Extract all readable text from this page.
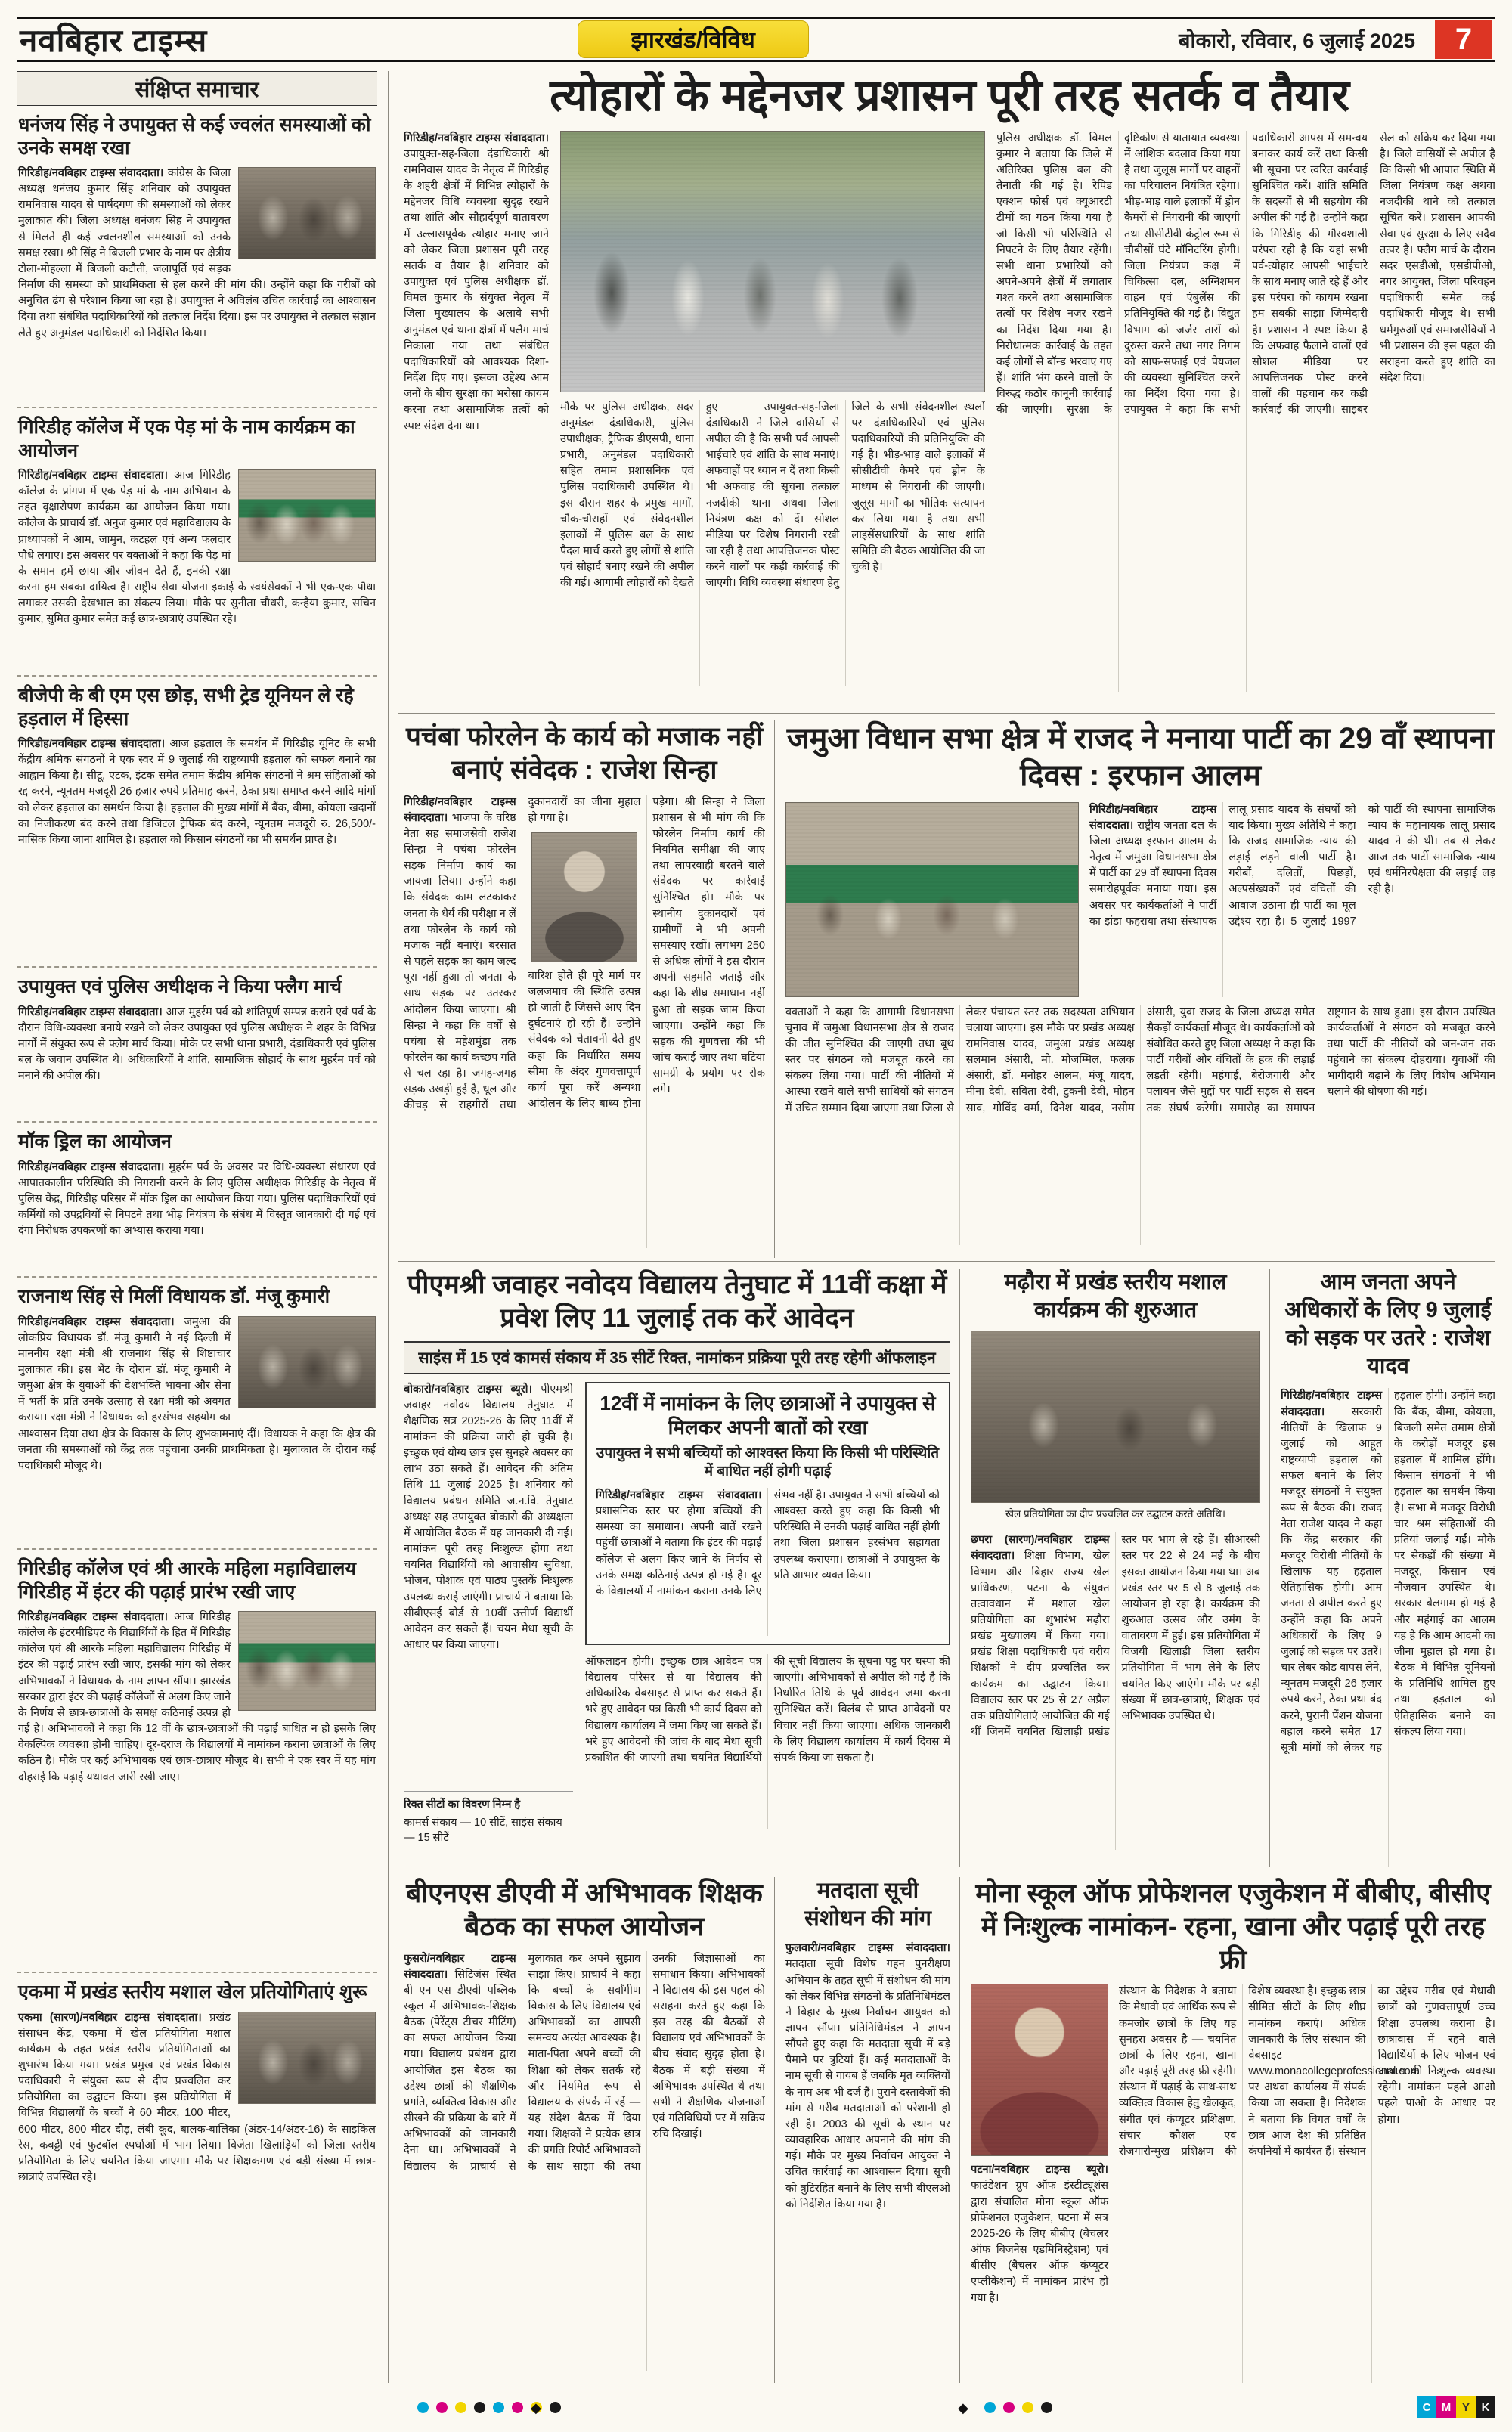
नवबिहार टाइम्स	झारखंड/विविध	बोकारो, रविवार, 6 जुलाई 2025	7
संक्षिप्त समाचार
धनंजय सिंह ने उपायुक्त से कई ज्वलंत समस्याओं को उनके समक्ष रखा

गिरिडीह/नवबिहार टाइम्स संवाददाता। कांग्रेस के जिला अध्यक्ष धनंजय कुमार सिंह शनिवार को उपायुक्त रामनिवास यादव से पार्षदगण की समस्याओं को लेकर मुलाकात की। जिला अध्यक्ष धनंजय सिंह ने उपायुक्त से मिलते ही कई ज्वलनशील समस्याओं को उनके समक्ष रखा। श्री सिंह ने बिजली प्रभार के नाम पर क्षेत्रीय टोला-मोहल्ला में बिजली कटौती, जलापूर्ति एवं सड़क निर्माण की समस्या को प्राथमिकता से हल करने की मांग की। उन्होंने कहा कि गरीबों को अनुचित ढंग से परेशान किया जा रहा है। उपायुक्त ने अविलंब उचित कार्रवाई का आश्वासन दिया तथा संबंधित पदाधिकारियों को तत्काल निर्देश दिया। इस पर उपायुक्त ने तत्काल संज्ञान लेते हुए अनुमंडल पदाधिकारी को निर्देशित किया।

गिरिडीह कॉलेज में एक पेड़ मां के नाम कार्यक्रम का आयोजन

गिरिडीह/नवबिहार टाइम्स संवाददाता। आज गिरिडीह कॉलेज के प्रांगण में एक पेड़ मां के नाम अभियान के तहत वृक्षारोपण कार्यक्रम का आयोजन किया गया। कॉलेज के प्राचार्य डॉ. अनुज कुमार एवं महाविद्यालय के प्राध्यापकों ने आम, जामुन, कटहल एवं अन्य फलदार पौधे लगाए। इस अवसर पर वक्ताओं ने कहा कि पेड़ मां के समान हमें छाया और जीवन देते हैं, इनकी रक्षा करना हम सबका दायित्व है। राष्ट्रीय सेवा योजना इकाई के स्वयंसेवकों ने भी एक-एक पौधा लगाकर उसकी देखभाल का संकल्प लिया। मौके पर सुनीता चौधरी, कन्हैया कुमार, सचिन कुमार, सुमित कुमार समेत कई छात्र-छात्राएं उपस्थित रहे।

बीजेपी के बी एम एस छोड़, सभी ट्रेड यूनियन ले रहे हड़ताल में हिस्सा

गिरिडीह/नवबिहार टाइम्स संवाददाता। आज हड़ताल के समर्थन में गिरिडीह यूनिट के सभी केंद्रीय श्रमिक संगठनों ने एक स्वर में 9 जुलाई की राष्ट्रव्यापी हड़ताल को सफल बनाने का आह्वान किया है। सीटू, एटक, इंटक समेत तमाम केंद्रीय श्रमिक संगठनों ने श्रम संहिताओं को रद्द करने, न्यूनतम मजदूरी 26 हजार रुपये प्रतिमाह करने, ठेका प्रथा समाप्त करने आदि मांगों को लेकर हड़ताल का समर्थन किया है। हड़ताल की मुख्य मांगों में बैंक, बीमा, कोयला खदानों का निजीकरण बंद करने तथा डिजिटल ट्रैफिक बंद करने, न्यूनतम मजदूरी रु. 26,500/- मासिक किया जाना शामिल है। हड़ताल को किसान संगठनों का भी समर्थन प्राप्त है।

उपायुक्त एवं पुलिस अधीक्षक ने किया फ्लैग मार्च

गिरिडीह/नवबिहार टाइम्स संवाददाता। आज मुहर्रम पर्व को शांतिपूर्ण सम्पन्न कराने एवं पर्व के दौरान विधि-व्यवस्था बनाये रखने को लेकर उपायुक्त एवं पुलिस अधीक्षक ने शहर के विभिन्न मार्गों में संयुक्त रूप से फ्लैग मार्च किया। मौके पर सभी थाना प्रभारी, दंडाधिकारी एवं पुलिस बल के जवान उपस्थित थे। अधिकारियों ने शांति, सामाजिक सौहार्द के साथ मुहर्रम पर्व को मनाने की अपील की।

मॉक ड्रिल का आयोजन

गिरिडीह/नवबिहार टाइम्स संवाददाता। मुहर्रम पर्व के अवसर पर विधि-व्यवस्था संधारण एवं आपातकालीन परिस्थिति की निगरानी करने के लिए पुलिस अधीक्षक गिरिडीह के नेतृत्व में पुलिस केंद्र, गिरिडीह परिसर में मॉक ड्रिल का आयोजन किया गया। पुलिस पदाधिकारियों एवं कर्मियों को उपद्रवियों से निपटने तथा भीड़ नियंत्रण के संबंध में विस्तृत जानकारी दी गई एवं दंगा निरोधक उपकरणों का अभ्यास कराया गया।

राजनाथ सिंह से मिलीं विधायक डॉ. मंजू कुमारी

गिरिडीह/नवबिहार टाइम्स संवाददाता। जमुआ की लोकप्रिय विधायक डॉ. मंजू कुमारी ने नई दिल्ली में माननीय रक्षा मंत्री श्री राजनाथ सिंह से शिष्टाचार मुलाकात की। इस भेंट के दौरान डॉ. मंजू कुमारी ने जमुआ क्षेत्र के युवाओं की देशभक्ति भावना और सेना में भर्ती के प्रति उनके उत्साह से रक्षा मंत्री को अवगत कराया। रक्षा मंत्री ने विधायक को हरसंभव सहयोग का आश्वासन दिया तथा क्षेत्र के विकास के लिए शुभकामनाएं दीं। विधायक ने कहा कि क्षेत्र की जनता की समस्याओं को केंद्र तक पहुंचाना उनकी प्राथमिकता है। मुलाकात के दौरान कई पदाधिकारी मौजूद थे।

गिरिडीह कॉलेज एवं श्री आरके महिला महाविद्यालय गिरिडीह में इंटर की पढ़ाई प्रारंभ रखी जाए

गिरिडीह/नवबिहार टाइम्स संवाददाता। आज गिरिडीह कॉलेज के इंटरमीडिएट के विद्यार्थियों के हित में गिरिडीह कॉलेज एवं श्री आरके महिला महाविद्यालय गिरिडीह में इंटर की पढ़ाई प्रारंभ रखी जाए, इसकी मांग को लेकर अभिभावकों ने विधायक के नाम ज्ञापन सौंपा। झारखंड सरकार द्वारा इंटर की पढ़ाई कॉलेजों से अलग किए जाने के निर्णय से छात्र-छात्राओं के समक्ष कठिनाई उत्पन्न हो गई है। अभिभावकों ने कहा कि 12 वीं के छात्र-छात्राओं की पढ़ाई बाधित न हो इसके लिए वैकल्पिक व्यवस्था होनी चाहिए। दूर-दराज के विद्यालयों में नामांकन कराना छात्राओं के लिए कठिन है। मौके पर कई अभिभावक एवं छात्र-छात्राएं मौजूद थे। सभी ने एक स्वर में यह मांग दोहराई कि पढ़ाई यथावत जारी रखी जाए।

एकमा में प्रखंड स्तरीय मशाल खेल प्रतियोगिताएं शुरू

एकमा (सारण)/नवबिहार टाइम्स संवाददाता। प्रखंड संसाधन केंद्र, एकमा में खेल प्रतियोगिता मशाल कार्यक्रम के तहत प्रखंड स्तरीय प्रतियोगिताओं का शुभारंभ किया गया। प्रखंड प्रमुख एवं प्रखंड विकास पदाधिकारी ने संयुक्त रूप से दीप प्रज्वलित कर प्रतियोगिता का उद्घाटन किया। इस प्रतियोगिता में विभिन्न विद्यालयों के बच्चों ने 60 मीटर, 100 मीटर, 600 मीटर, 800 मीटर दौड़, लंबी कूद, बालक-बालिका (अंडर-14/अंडर-16) के साइकिल रेस, कबड्डी एवं फुटबॉल स्पर्धाओं में भाग लिया। विजेता खिलाड़ियों को जिला स्तरीय प्रतियोगिता के लिए चयनित किया जाएगा। मौके पर शिक्षकगण एवं बड़ी संख्या में छात्र-छात्राएं उपस्थित रहे।

त्योहारों के मद्देनजर प्रशासन पूरी तरह सतर्क व तैयार
गिरिडीह/नवबिहार टाइम्स संवाददाता। उपायुक्त-सह-जिला दंडाधिकारी श्री रामनिवास यादव के नेतृत्व में गिरिडीह के शहरी क्षेत्रों में विभिन्न त्योहारों के मद्देनजर विधि व्यवस्था सुदृढ़ रखने तथा शांति और सौहार्दपूर्ण वातावरण में उल्लासपूर्वक त्योहार मनाए जाने को लेकर जिला प्रशासन पूरी तरह सतर्क व तैयार है। शनिवार को उपायुक्त एवं पुलिस अधीक्षक डॉ. विमल कुमार के संयुक्त नेतृत्व में जिला मुख्यालय के अलावे सभी अनुमंडल एवं थाना क्षेत्रों में फ्लैग मार्च निकाला गया तथा संबंधित पदाधिकारियों को आवश्यक दिशा-निर्देश दिए गए। इसका उद्देश्य आम जनों के बीच सुरक्षा का भरोसा कायम करना तथा असामाजिक तत्वों को स्पष्ट संदेश देना था।
मौके पर पुलिस अधीक्षक, सदर अनुमंडल दंडाधिकारी, पुलिस उपाधीक्षक, ट्रैफिक डीएसपी, थाना प्रभारी, अनुमंडल पदाधिकारी सहित तमाम प्रशासनिक एवं पुलिस पदाधिकारी उपस्थित थे। इस दौरान शहर के प्रमुख मार्गों, चौक-चौराहों एवं संवेदनशील इलाकों में पुलिस बल के साथ पैदल मार्च करते हुए लोगों से शांति एवं सौहार्द बनाए रखने की अपील की गई। आगामी त्योहारों को देखते हुए उपायुक्त-सह-जिला दंडाधिकारी ने जिले वासियों से अपील की है कि सभी पर्व आपसी भाईचारे एवं शांति के साथ मनाएं। अफवाहों पर ध्यान न दें तथा किसी भी अफवाह की सूचना तत्काल नजदीकी थाना अथवा जिला नियंत्रण कक्ष को दें। सोशल मीडिया पर विशेष निगरानी रखी जा रही है तथा आपत्तिजनक पोस्ट करने वालों पर कड़ी कार्रवाई की जाएगी। विधि व्यवस्था संधारण हेतु जिले के सभी संवेदनशील स्थलों पर दंडाधिकारियों एवं पुलिस पदाधिकारियों की प्रतिनियुक्ति की गई है। भीड़-भाड़ वाले इलाकों में सीसीटीवी कैमरे एवं ड्रोन के माध्यम से निगरानी की जाएगी। जुलूस मार्गों का भौतिक सत्यापन कर लिया गया है तथा सभी लाइसेंसधारियों के साथ शांति समिति की बैठक आयोजित की जा चुकी है।
पुलिस अधीक्षक डॉ. विमल कुमार ने बताया कि जिले में अतिरिक्त पुलिस बल की तैनाती की गई है। रैपिड एक्शन फोर्स एवं क्यूआरटी टीमों का गठन किया गया है जो किसी भी परिस्थिति से निपटने के लिए तैयार रहेंगी। सभी थाना प्रभारियों को अपने-अपने क्षेत्रों में लगातार गश्त करने तथा असामाजिक तत्वों पर विशेष नजर रखने का निर्देश दिया गया है। निरोधात्मक कार्रवाई के तहत कई लोगों से बॉन्ड भरवाए गए हैं। शांति भंग करने वालों के विरुद्ध कठोर कानूनी कार्रवाई की जाएगी। सुरक्षा के दृष्टिकोण से यातायात व्यवस्था में आंशिक बदलाव किया गया है तथा जुलूस मार्गों पर वाहनों का परिचालन नियंत्रित रहेगा। भीड़-भाड़ वाले इलाकों में ड्रोन कैमरों से निगरानी की जाएगी तथा सीसीटीवी कंट्रोल रूम से चौबीसों घंटे मॉनिटरिंग होगी। जिला नियंत्रण कक्ष में चिकित्सा दल, अग्निशमन वाहन एवं एंबुलेंस की प्रतिनियुक्ति की गई है। विद्युत विभाग को जर्जर तारों को दुरुस्त करने तथा नगर निगम को साफ-सफाई एवं पेयजल की व्यवस्था सुनिश्चित करने का निर्देश दिया गया है। उपायुक्त ने कहा कि सभी पदाधिकारी आपस में समन्वय बनाकर कार्य करें तथा किसी भी सूचना पर त्वरित कार्रवाई सुनिश्चित करें। शांति समिति के सदस्यों से भी सहयोग की अपील की गई है। उन्होंने कहा कि गिरिडीह की गौरवशाली परंपरा रही है कि यहां सभी पर्व-त्योहार आपसी भाईचारे के साथ मनाए जाते रहे हैं और इस परंपरा को कायम रखना हम सबकी साझा जिम्मेदारी है। प्रशासन ने स्पष्ट किया है कि अफवाह फैलाने वालों एवं सोशल मीडिया पर आपत्तिजनक पोस्ट करने वालों की पहचान कर कड़ी कार्रवाई की जाएगी। साइबर सेल को सक्रिय कर दिया गया है। जिले वासियों से अपील है कि किसी भी आपात स्थिति में जिला नियंत्रण कक्ष अथवा नजदीकी थाने को तत्काल सूचित करें। प्रशासन आपकी सेवा एवं सुरक्षा के लिए सदैव तत्पर है। फ्लैग मार्च के दौरान सदर एसडीओ, एसडीपीओ, नगर आयुक्त, जिला परिवहन पदाधिकारी समेत कई पदाधिकारी मौजूद थे। सभी धर्मगुरुओं एवं समाजसेवियों ने भी प्रशासन की इस पहल की सराहना करते हुए शांति का संदेश दिया।
पचंबा फोरलेन के कार्य को मजाक नहीं बनाएं संवेदक : राजेश सिन्हा
गिरिडीह/नवबिहार टाइम्स संवाददाता। भाजपा के वरिष्ठ नेता सह समाजसेवी राजेश सिन्हा ने पचंबा फोरलेन सड़क निर्माण कार्य का जायजा लिया। उन्होंने कहा कि संवेदक काम लटकाकर जनता के धैर्य की परीक्षा न लें तथा फोरलेन के कार्य को मजाक नहीं बनाएं। बरसात से पहले सड़क का काम जल्द पूरा नहीं हुआ तो जनता के साथ सड़क पर उतरकर आंदोलन किया जाएगा। श्री सिन्हा ने कहा कि वर्षों से पचंबा से महेशमुंडा तक फोरलेन का कार्य कच्छप गति से चल रहा है। जगह-जगह सड़क उखड़ी हुई है, धूल और कीचड़ से राहगीरों तथा दुकानदारों का जीना मुहाल हो गया है।
बारिश होते ही पूरे मार्ग पर जलजमाव की स्थिति उत्पन्न हो जाती है जिससे आए दिन दुर्घटनाएं हो रही हैं। उन्होंने संवेदक को चेतावनी देते हुए कहा कि निर्धारित समय सीमा के अंदर गुणवत्तापूर्ण कार्य पूरा करें अन्यथा आंदोलन के लिए बाध्य होना पड़ेगा। श्री सिन्हा ने जिला प्रशासन से भी मांग की कि फोरलेन निर्माण कार्य की नियमित समीक्षा की जाए तथा लापरवाही बरतने वाले संवेदक पर कार्रवाई सुनिश्चित हो। मौके पर स्थानीय दुकानदारों एवं ग्रामीणों ने भी अपनी समस्याएं रखीं। लगभग 250 से अधिक लोगों ने इस दौरान अपनी सहमति जताई और कहा कि शीघ्र समाधान नहीं हुआ तो सड़क जाम किया जाएगा। उन्होंने कहा कि सड़क की गुणवत्ता की भी जांच कराई जाए तथा घटिया सामग्री के प्रयोग पर रोक लगे।
जमुआ विधान सभा क्षेत्र में राजद ने मनाया पार्टी का 29 वाँ स्थापना दिवस : इरफान आलम
गिरिडीह/नवबिहार टाइम्स संवाददाता। राष्ट्रीय जनता दल के जिला अध्यक्ष इरफान आलम के नेतृत्व में जमुआ विधानसभा क्षेत्र में पार्टी का 29 वाँ स्थापना दिवस समारोहपूर्वक मनाया गया। इस अवसर पर कार्यकर्ताओं ने पार्टी का झंडा फहराया तथा संस्थापक लालू प्रसाद यादव के संघर्षों को याद किया। मुख्य अतिथि ने कहा कि राजद सामाजिक न्याय की लड़ाई लड़ने वाली पार्टी है। गरीबों, दलितों, पिछड़ों, अल्पसंख्यकों एवं वंचितों की आवाज उठाना ही पार्टी का मूल उद्देश्य रहा है। 5 जुलाई 1997 को पार्टी की स्थापना सामाजिक न्याय के महानायक लालू प्रसाद यादव ने की थी। तब से लेकर आज तक पार्टी सामाजिक न्याय एवं धर्मनिरपेक्षता की लड़ाई लड़ रही है।
वक्ताओं ने कहा कि आगामी विधानसभा चुनाव में जमुआ विधानसभा क्षेत्र से राजद की जीत सुनिश्चित की जाएगी तथा बूथ स्तर पर संगठन को मजबूत करने का संकल्प लिया गया। पार्टी की नीतियों में आस्था रखने वाले सभी साथियों को संगठन में उचित सम्मान दिया जाएगा तथा जिला से लेकर पंचायत स्तर तक सदस्यता अभियान चलाया जाएगा। इस मौके पर प्रखंड अध्यक्ष रामनिवास यादव, जमुआ प्रखंड अध्यक्ष सलमान अंसारी, मो. मोजम्मिल, फलक अंसारी, डॉ. मनोहर आलम, मंजू यादव, मीना देवी, सविता देवी, टुकनी देवी, मोहन साव, गोविंद वर्मा, दिनेश यादव, नसीम अंसारी, युवा राजद के जिला अध्यक्ष समेत सैकड़ों कार्यकर्ता मौजूद थे। कार्यकर्ताओं को संबोधित करते हुए जिला अध्यक्ष ने कहा कि पार्टी गरीबों और वंचितों के हक की लड़ाई लड़ती रहेगी। महंगाई, बेरोजगारी और पलायन जैसे मुद्दों पर पार्टी सड़क से सदन तक संघर्ष करेगी। समारोह का समापन राष्ट्रगान के साथ हुआ। इस दौरान उपस्थित कार्यकर्ताओं ने संगठन को मजबूत करने तथा पार्टी की नीतियों को जन-जन तक पहुंचाने का संकल्प दोहराया। युवाओं की भागीदारी बढ़ाने के लिए विशेष अभियान चलाने की घोषणा की गई।
पीएमश्री जवाहर नवोदय विद्यालय तेनुघाट में 11वीं कक्षा में प्रवेश लिए 11 जुलाई तक करें आवेदन
साइंस में 15 एवं कामर्स संकाय में 35 सीटें रिक्त, नामांकन प्रक्रिया पूरी तरह रहेगी ऑफलाइन
बोकारो/नवबिहार टाइम्स ब्यूरो। पीएमश्री जवाहर नवोदय विद्यालय तेनुघाट में शैक्षणिक सत्र 2025-26 के लिए 11वीं में नामांकन की प्रक्रिया जारी हो चुकी है। इच्छुक एवं योग्य छात्र इस सुनहरे अवसर का लाभ उठा सकते हैं। आवेदन की अंतिम तिथि 11 जुलाई 2025 है। शनिवार को विद्यालय प्रबंधन समिति ज.न.वि. तेनुघाट अध्यक्ष सह उपायुक्त बोकारो की अध्यक्षता में आयोजित बैठक में यह जानकारी दी गई। नामांकन पूरी तरह निःशुल्क होगा तथा चयनित विद्यार्थियों को आवासीय सुविधा, भोजन, पोशाक एवं पाठ्य पुस्तकें निःशुल्क उपलब्ध कराई जाएंगी। प्राचार्य ने बताया कि सीबीएसई बोर्ड से 10वीं उत्तीर्ण विद्यार्थी आवेदन कर सकते हैं। चयन मेधा सूची के आधार पर किया जाएगा।
रिक्त सीटों का विवरण निम्न है
कामर्स संकाय — 10 सीटें, साइंस संकाय — 15 सीटें
12वीं में नामांकन के लिए छात्राओं ने उपायुक्त से मिलकर अपनी बातों को रखा
उपायुक्त ने सभी बच्चियों को आश्वस्त किया कि किसी भी परिस्थिति में बाधित नहीं होगी पढ़ाई
गिरिडीह/नवबिहार टाइम्स संवाददाता। प्रशासनिक स्तर पर होगा बच्चियों की समस्या का समाधान। अपनी बातें रखने पहुंचीं छात्राओं ने बताया कि इंटर की पढ़ाई कॉलेज से अलग किए जाने के निर्णय से उनके समक्ष कठिनाई उत्पन्न हो गई है। दूर के विद्यालयों में नामांकन कराना उनके लिए संभव नहीं है। उपायुक्त ने सभी बच्चियों को आश्वस्त करते हुए कहा कि किसी भी परिस्थिति में उनकी पढ़ाई बाधित नहीं होगी तथा जिला प्रशासन हरसंभव सहायता उपलब्ध कराएगा। छात्राओं ने उपायुक्त के प्रति आभार व्यक्त किया।
ऑफलाइन होगी। इच्छुक छात्र आवेदन पत्र विद्यालय परिसर से या विद्यालय की अधिकारिक वेबसाइट से प्राप्त कर सकते हैं। भरे हुए आवेदन पत्र किसी भी कार्य दिवस को विद्यालय कार्यालय में जमा किए जा सकते हैं। भरे हुए आवेदनों की जांच के बाद मेधा सूची प्रकाशित की जाएगी तथा चयनित विद्यार्थियों की सूची विद्यालय के सूचना पट्ट पर चस्पा की जाएगी। अभिभावकों से अपील की गई है कि निर्धारित तिथि के पूर्व आवेदन जमा करना सुनिश्चित करें। विलंब से प्राप्त आवेदनों पर विचार नहीं किया जाएगा। अधिक जानकारी के लिए विद्यालय कार्यालय में कार्य दिवस में संपर्क किया जा सकता है।
मढ़ौरा में प्रखंड स्तरीय मशाल कार्यक्रम की शुरुआत
खेल प्रतियोगिता का दीप प्रज्वलित कर उद्घाटन करते अतिथि।
छपरा (सारण)/नवबिहार टाइम्स संवाददाता। शिक्षा विभाग, खेल विभाग और बिहार राज्य खेल प्राधिकरण, पटना के संयुक्त तत्वावधान में मशाल खेल प्रतियोगिता का शुभारंभ मढ़ौरा प्रखंड मुख्यालय में किया गया। प्रखंड शिक्षा पदाधिकारी एवं वरीय शिक्षकों ने दीप प्रज्वलित कर कार्यक्रम का उद्घाटन किया। विद्यालय स्तर पर 25 से 27 अप्रैल तक प्रतियोगिताएं आयोजित की गई थीं जिनमें चयनित खिलाड़ी प्रखंड स्तर पर भाग ले रहे हैं। सीआरसी स्तर पर 22 से 24 मई के बीच इसका आयोजन किया गया था। अब प्रखंड स्तर पर 5 से 8 जुलाई तक आयोजन हो रहा है। कार्यक्रम की शुरुआत उत्सव और उमंग के वातावरण में हुई। इस प्रतियोगिता में विजयी खिलाड़ी जिला स्तरीय प्रतियोगिता में भाग लेने के लिए चयनित किए जाएंगे। मौके पर बड़ी संख्या में छात्र-छात्राएं, शिक्षक एवं अभिभावक उपस्थित थे।
आम जनता अपने अधिकारों के लिए 9 जुलाई को सड़क पर उतरे : राजेश यादव
गिरिडीह/नवबिहार टाइम्स संवाददाता। सरकारी नीतियों के खिलाफ 9 जुलाई को आहूत राष्ट्रव्यापी हड़ताल को सफल बनाने के लिए मजदूर संगठनों ने संयुक्त रूप से बैठक की। राजद नेता राजेश यादव ने कहा कि केंद्र सरकार की मजदूर विरोधी नीतियों के खिलाफ यह हड़ताल ऐतिहासिक होगी। आम जनता से अपील करते हुए उन्होंने कहा कि अपने अधिकारों के लिए 9 जुलाई को सड़क पर उतरें। चार लेबर कोड वापस लेने, न्यूनतम मजदूरी 26 हजार रुपये करने, ठेका प्रथा बंद करने, पुरानी पेंशन योजना बहाल करने समेत 17 सूत्री मांगों को लेकर यह हड़ताल होगी। उन्होंने कहा कि बैंक, बीमा, कोयला, बिजली समेत तमाम क्षेत्रों के करोड़ों मजदूर इस हड़ताल में शामिल होंगे। किसान संगठनों ने भी हड़ताल का समर्थन किया है। सभा में मजदूर विरोधी चार श्रम संहिताओं की प्रतियां जलाई गईं। मौके पर सैकड़ों की संख्या में मजदूर, किसान एवं नौजवान उपस्थित थे। सरकार बेलगाम हो गई है और महंगाई का आलम यह है कि आम आदमी का जीना मुहाल हो गया है। बैठक में विभिन्न यूनियनों के प्रतिनिधि शामिल हुए तथा हड़ताल को ऐतिहासिक बनाने का संकल्प लिया गया।
बीएनएस डीएवी में अभिभावक शिक्षक बैठक का सफल आयोजन
फुसरो/नवबिहार टाइम्स संवाददाता। सिटिजंस स्थित बी एन एस डीएवी पब्लिक स्कूल में अभिभावक-शिक्षक बैठक (पेरेंट्स टीचर मीटिंग) का सफल आयोजन किया गया। विद्यालय प्रबंधन द्वारा आयोजित इस बैठक का उद्देश्य छात्रों की शैक्षणिक प्रगति, व्यक्तित्व विकास और सीखने की प्रक्रिया के बारे में अभिभावकों को जानकारी देना था। अभिभावकों ने विद्यालय के प्राचार्य से मुलाकात कर अपने सुझाव साझा किए। प्राचार्य ने कहा कि बच्चों के सर्वांगीण विकास के लिए विद्यालय एवं अभिभावकों का आपसी समन्वय अत्यंत आवश्यक है। माता-पिता अपने बच्चों की शिक्षा को लेकर सतर्क रहें और नियमित रूप से विद्यालय के संपर्क में रहें — यह संदेश बैठक में दिया गया। शिक्षकों ने प्रत्येक छात्र की प्रगति रिपोर्ट अभिभावकों के साथ साझा की तथा उनकी जिज्ञासाओं का समाधान किया। अभिभावकों ने विद्यालय की इस पहल की सराहना करते हुए कहा कि इस तरह की बैठकों से विद्यालय एवं अभिभावकों के बीच संवाद सुदृढ़ होता है। बैठक में बड़ी संख्या में अभिभावक उपस्थित थे तथा सभी ने शैक्षणिक योजनाओं एवं गतिविधियों पर में सक्रिय रुचि दिखाई।
मतदाता सूची संशोधन की मांग
फुलवारी/नवबिहार टाइम्स संवाददाता। मतदाता सूची विशेष गहन पुनरीक्षण अभियान के तहत सूची में संशोधन की मांग को लेकर विभिन्न संगठनों के प्रतिनिधिमंडल ने बिहार के मुख्य निर्वाचन आयुक्त को ज्ञापन सौंपा। प्रतिनिधिमंडल ने ज्ञापन सौंपते हुए कहा कि मतदाता सूची में बड़े पैमाने पर त्रुटियां हैं। कई मतदाताओं के नाम सूची से गायब हैं जबकि मृत व्यक्तियों के नाम अब भी दर्ज हैं। पुराने दस्तावेजों की मांग से गरीब मतदाताओं को परेशानी हो रही है। 2003 की सूची के स्थान पर व्यावहारिक आधार अपनाने की मांग की गई। मौके पर मुख्य निर्वाचन आयुक्त ने उचित कार्रवाई का आश्वासन दिया। सूची को त्रुटिरहित बनाने के लिए सभी बीएलओ को निर्देशित किया गया है।
मोना स्कूल ऑफ प्रोफेशनल एजुकेशन में बीबीए, बीसीए में निःशुल्क नामांकन- रहना, खाना और पढ़ाई पूरी तरह फ्री
पटना/नवबिहार टाइम्स ब्यूरो। फाउंडेशन ग्रुप ऑफ इंस्टीट्यूशंस द्वारा संचालित मोना स्कूल ऑफ प्रोफेशनल एजुकेशन, पटना में सत्र 2025-26 के लिए बीबीए (बैचलर ऑफ बिजनेस एडमिनिस्ट्रेशन) एवं बीसीए (बैचलर ऑफ कंप्यूटर एप्लीकेशन) में नामांकन प्रारंभ हो गया है।
संस्थान के निदेशक ने बताया कि मेधावी एवं आर्थिक रूप से कमजोर छात्रों के लिए यह सुनहरा अवसर है — चयनित छात्रों के लिए रहना, खाना और पढ़ाई पूरी तरह फ्री रहेगी। संस्थान में पढ़ाई के साथ-साथ व्यक्तित्व विकास हेतु खेलकूद, संगीत एवं कंप्यूटर प्रशिक्षण, संचार कौशल एवं रोजगारोन्मुख प्रशिक्षण की विशेष व्यवस्था है। इच्छुक छात्र सीमित सीटों के लिए शीघ्र नामांकन कराएं। अधिक जानकारी के लिए संस्थान की वेबसाइट www.monacollegeprofessional.com पर अथवा कार्यालय में संपर्क किया जा सकता है। निदेशक ने बताया कि विगत वर्षों के छात्र आज देश की प्रतिष्ठित कंपनियों में कार्यरत हैं। संस्थान का उद्देश्य गरीब एवं मेधावी छात्रों को गुणवत्तापूर्ण उच्च शिक्षा उपलब्ध कराना है। छात्रावास में रहने वाले विद्यार्थियों के लिए भोजन एवं आवास की निःशुल्क व्यवस्था रहेगी। नामांकन पहले आओ पहले पाओ के आधार पर होगा।
◆	◆	C M Y	K
